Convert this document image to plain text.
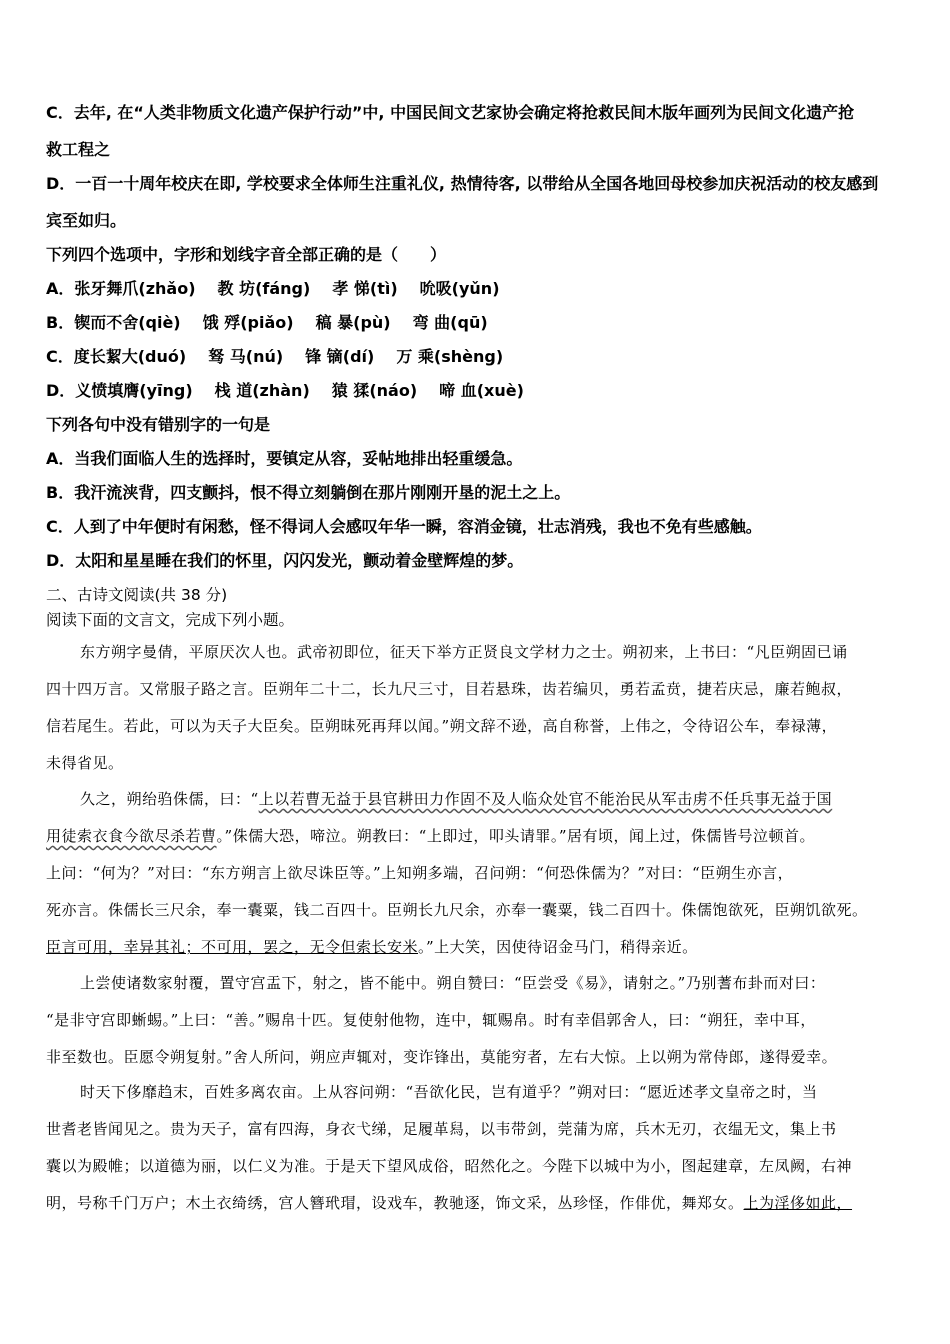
C．去年, 在“人类非物质文化遗产保护行动”中, 中国民间文艺家协会确定将抢救民间木版年画列为民间文化遗产抢
救工程之
D．一百一十周年校庆在即, 学校要求全体师生注重礼仪, 热情待客, 以带给从全国各地回母校参加庆祝活动的校友感到
宾至如归。
下列四个选项中，字形和划线字音全部正确的是（　　）
A．张牙舞爪(zhǎo) 教 坊(fáng) 孝 悌(tì) 吮吸(yǔn)
B．锲而不舍(qiè) 饿 殍(piǎo) 稿 暴(pù) 弯 曲(qū)
C．度长絜大(duó) 驽 马(nú) 锋 镝(dí) 万 乘(shèng)
D．义愤填膺(yīng) 栈 道(zhàn) 猿 猱(náo) 啼 血(xuè)
下列各句中没有错别字的一句是
A．当我们面临人生的选择时，要镇定从容，妥帖地排出轻重缓急。
B．我汗流浃背，四支颤抖，恨不得立刻躺倒在那片刚刚开垦的泥土之上。
C．人到了中年便时有闲愁，怪不得词人会感叹年华一瞬，容消金镜，壮志消残，我也不免有些感触。
D．太阳和星星睡在我们的怀里，闪闪发光，颤动着金壁辉煌的梦。
二、古诗文阅读(共 38 分)
阅读下面的文言文，完成下列小题。
东方朔字曼倩，平原厌次人也。武帝初即位，征天下举方正贤良文学材力之士。朔初来，上书曰：“凡臣朔固已诵
四十四万言。又常服子路之言。臣朔年二十二，长九尺三寸，目若悬珠，齿若编贝，勇若孟贲，捷若庆忌，廉若鲍叔，
信若尾生。若此，可以为天子大臣矣。臣朔昧死再拜以闻。”朔文辞不逊，高自称誉，上伟之，令待诏公车，奉禄薄，
未得省见。
久之，朔绐驺侏儒，曰：“上以若曹无益于县官耕田力作固不及人临众处官不能治民从军击虏不任兵事无益于国
用徒索衣食今欲尽杀若曹。”侏儒大恐，啼泣。朔教曰：“上即过，叩头请罪。”居有顷，闻上过，侏儒皆号泣顿首。
上问：“何为？”对曰：“东方朔言上欲尽诛臣等。”上知朔多端，召问朔：“何恐侏儒为？”对曰：“臣朔生亦言，
死亦言。侏儒长三尺余，奉一囊粟，钱二百四十。臣朔长九尺余，亦奉一囊粟，钱二百四十。侏儒饱欲死，臣朔饥欲死。
臣言可用，幸异其礼；不可用，罢之，无令但索长安米。”上大笑，因使待诏金马门，稍得亲近。
上尝使诸数家射覆，置守宫盂下，射之，皆不能中。朔自赞曰：“臣尝受《易》，请射之。”乃别蓍布卦而对曰：
“是非守宫即蜥蜴。”上曰：“善。”赐帛十匹。复使射他物，连中，辄赐帛。时有幸倡郭舍人，曰：“朔狂，幸中耳，
非至数也。臣愿令朔复射。”舍人所问，朔应声辄对，变诈锋出，莫能穷者，左右大惊。上以朔为常侍郎，遂得爱幸。
时天下侈靡趋末，百姓多离农亩。上从容问朔：“吾欲化民，岂有道乎？”朔对曰：“愿近述孝文皇帝之时，当
世耆老皆闻见之。贵为天子，富有四海，身衣弋绨，足履革舄，以韦带剑，莞蒲为席，兵木无刃，衣缊无文，集上书
囊以为殿帷；以道德为丽，以仁义为准。于是天下望风成俗，昭然化之。今陛下以城中为小，图起建章，左凤阙，右神
明，号称千门万户；木土衣绮绣，宫人簪玳瑁，设戏车，教驰逐，饰文采，丛珍怪，作俳优，舞郑女。上为淫侈如此，
